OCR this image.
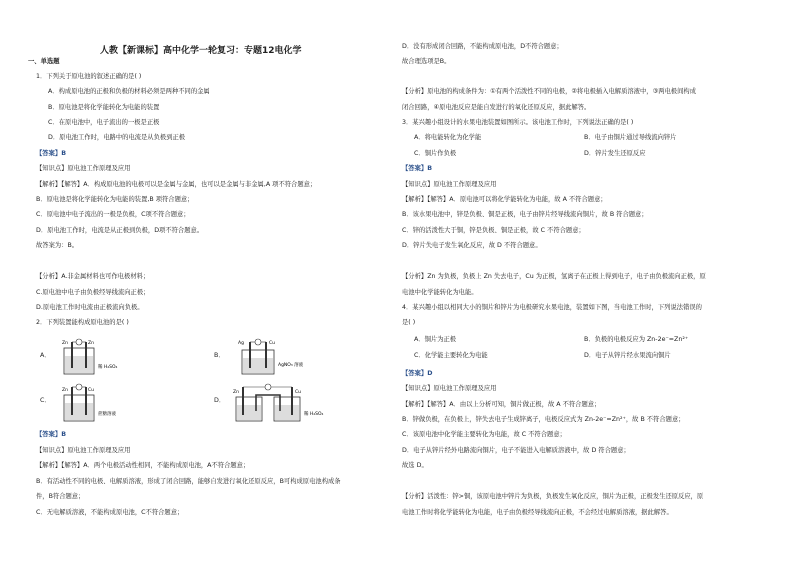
人教【新课标】高中化学一轮复习：专题12电化学
一、单选题
1．下列关于原电池的叙述正确的是( )
A．构成原电池的正极和负极的材料必须是两种不同的金属
B．原电池是将化学能转化为电能的装置
C．在原电池中，电子流出的一极是正极
D．原电池工作时，电路中的电流是从负极到正极
【答案】B
【知识点】原电池工作原理及应用
【解析】【解答】A．构成原电池的电极可以是金属与金属，也可以是金属与非金属,A 项不符合题意；
B．原电池是将化学能转化为电能的装置,B 项符合题意；
C．原电池中电子流出的一极是负极，C项不符合题意；
D．原电池工作时，电流是从正极到负极，D项不符合题意。
故答案为：B。
【分析】A.非金属材料也可作电极材料；
C.原电池中电子由负极经导线流向正极；
D.原电池工作时电流由正极流向负极。
2．下列装置能构成原电池的是( )
A．
Zn	Zn
稀 H₂SO₄
B．
Ag	Cu
AgNO₃ 溶液
C．
Zn	Cu
蔗糖溶液
D．
Zn	Cu
稀 H₂SO₄
【答案】B
【知识点】原电池工作原理及应用
【解析】【解答】A．两个电极活动性相同，不能构成原电池，A不符合题意；
B．有活动性不同的电极、电解质溶液，形成了闭合回路，能够自发进行氧化还原反应，B可构成原电池构成条
件，B符合题意；
C．无电解质溶液，不能构成原电池，C不符合题意；
D．没有形成闭合回路，不能构成原电池，D不符合题意；
故合理选项是B。
【分析】原电池的构成条件为：①有两个活泼性不同的电极，②将电极插入电解质溶液中，③两电极间构成
闭合回路，④原电池反应是能自发进行的氧化还原反应，据此解答。
3．某兴趣小组设计的水果电池装置如图所示。该电池工作时，下列说法正确的是( )
A．将电能转化为化学能	B．电子由铜片通过导线流向锌片
C．铜片作负极	D．锌片发生还原反应
【答案】B
【知识点】原电池工作原理及应用
【解析】【解答】A．原电池可以将化学能转化为电能，故 A 不符合题意；
B．该水果电池中，锌是负极、铜是正极，电子由锌片经导线流向铜片，故 B 符合题意；
C．锌的活泼性大于铜，锌是负极、铜是正极，故 C 不符合题意；
D．锌片失电子发生氧化反应，故 D 不符合题意。
【分析】Zn 为负极，负极上 Zn 失去电子，Cu 为正极，氢离子在正极上得到电子，电子由负极流向正极，原
电池中化学能转化为电能。
4．某兴趣小组以相同大小的铜片和锌片为电极研究水果电池，装置如下图，当电池工作时，下列说法错误的
是( )
A．铜片为正极	B．负极的电极反应为 Zn-2e⁻=Zn²⁺
C．化学能主要转化为电能	D．电子从锌片经水果流向铜片
【答案】D
【知识点】原电池工作原理及应用
【解析】【解答】A．由以上分析可知，铜片做正极，故 A 不符合题意；
B．锌做负极，在负极上，锌失去电子生成锌离子，电极反应式为 Zn-2e⁻=Zn²⁺，故 B 不符合题意；
C．该原电池中化学能主要转化为电能，故 C 不符合题意；
D．电子从锌片经外电路流向铜片，电子不能进入电解质溶液中，故 D 符合题意；
故选 D。
【分析】活泼性：锌>铜，该原电池中锌片为负极，负极发生氧化反应，铜片为正极，正极发生还原反应，原
电池工作时将化学能转化为电能，电子由负极经导线流向正极，不会经过电解质溶液，据此解答。
